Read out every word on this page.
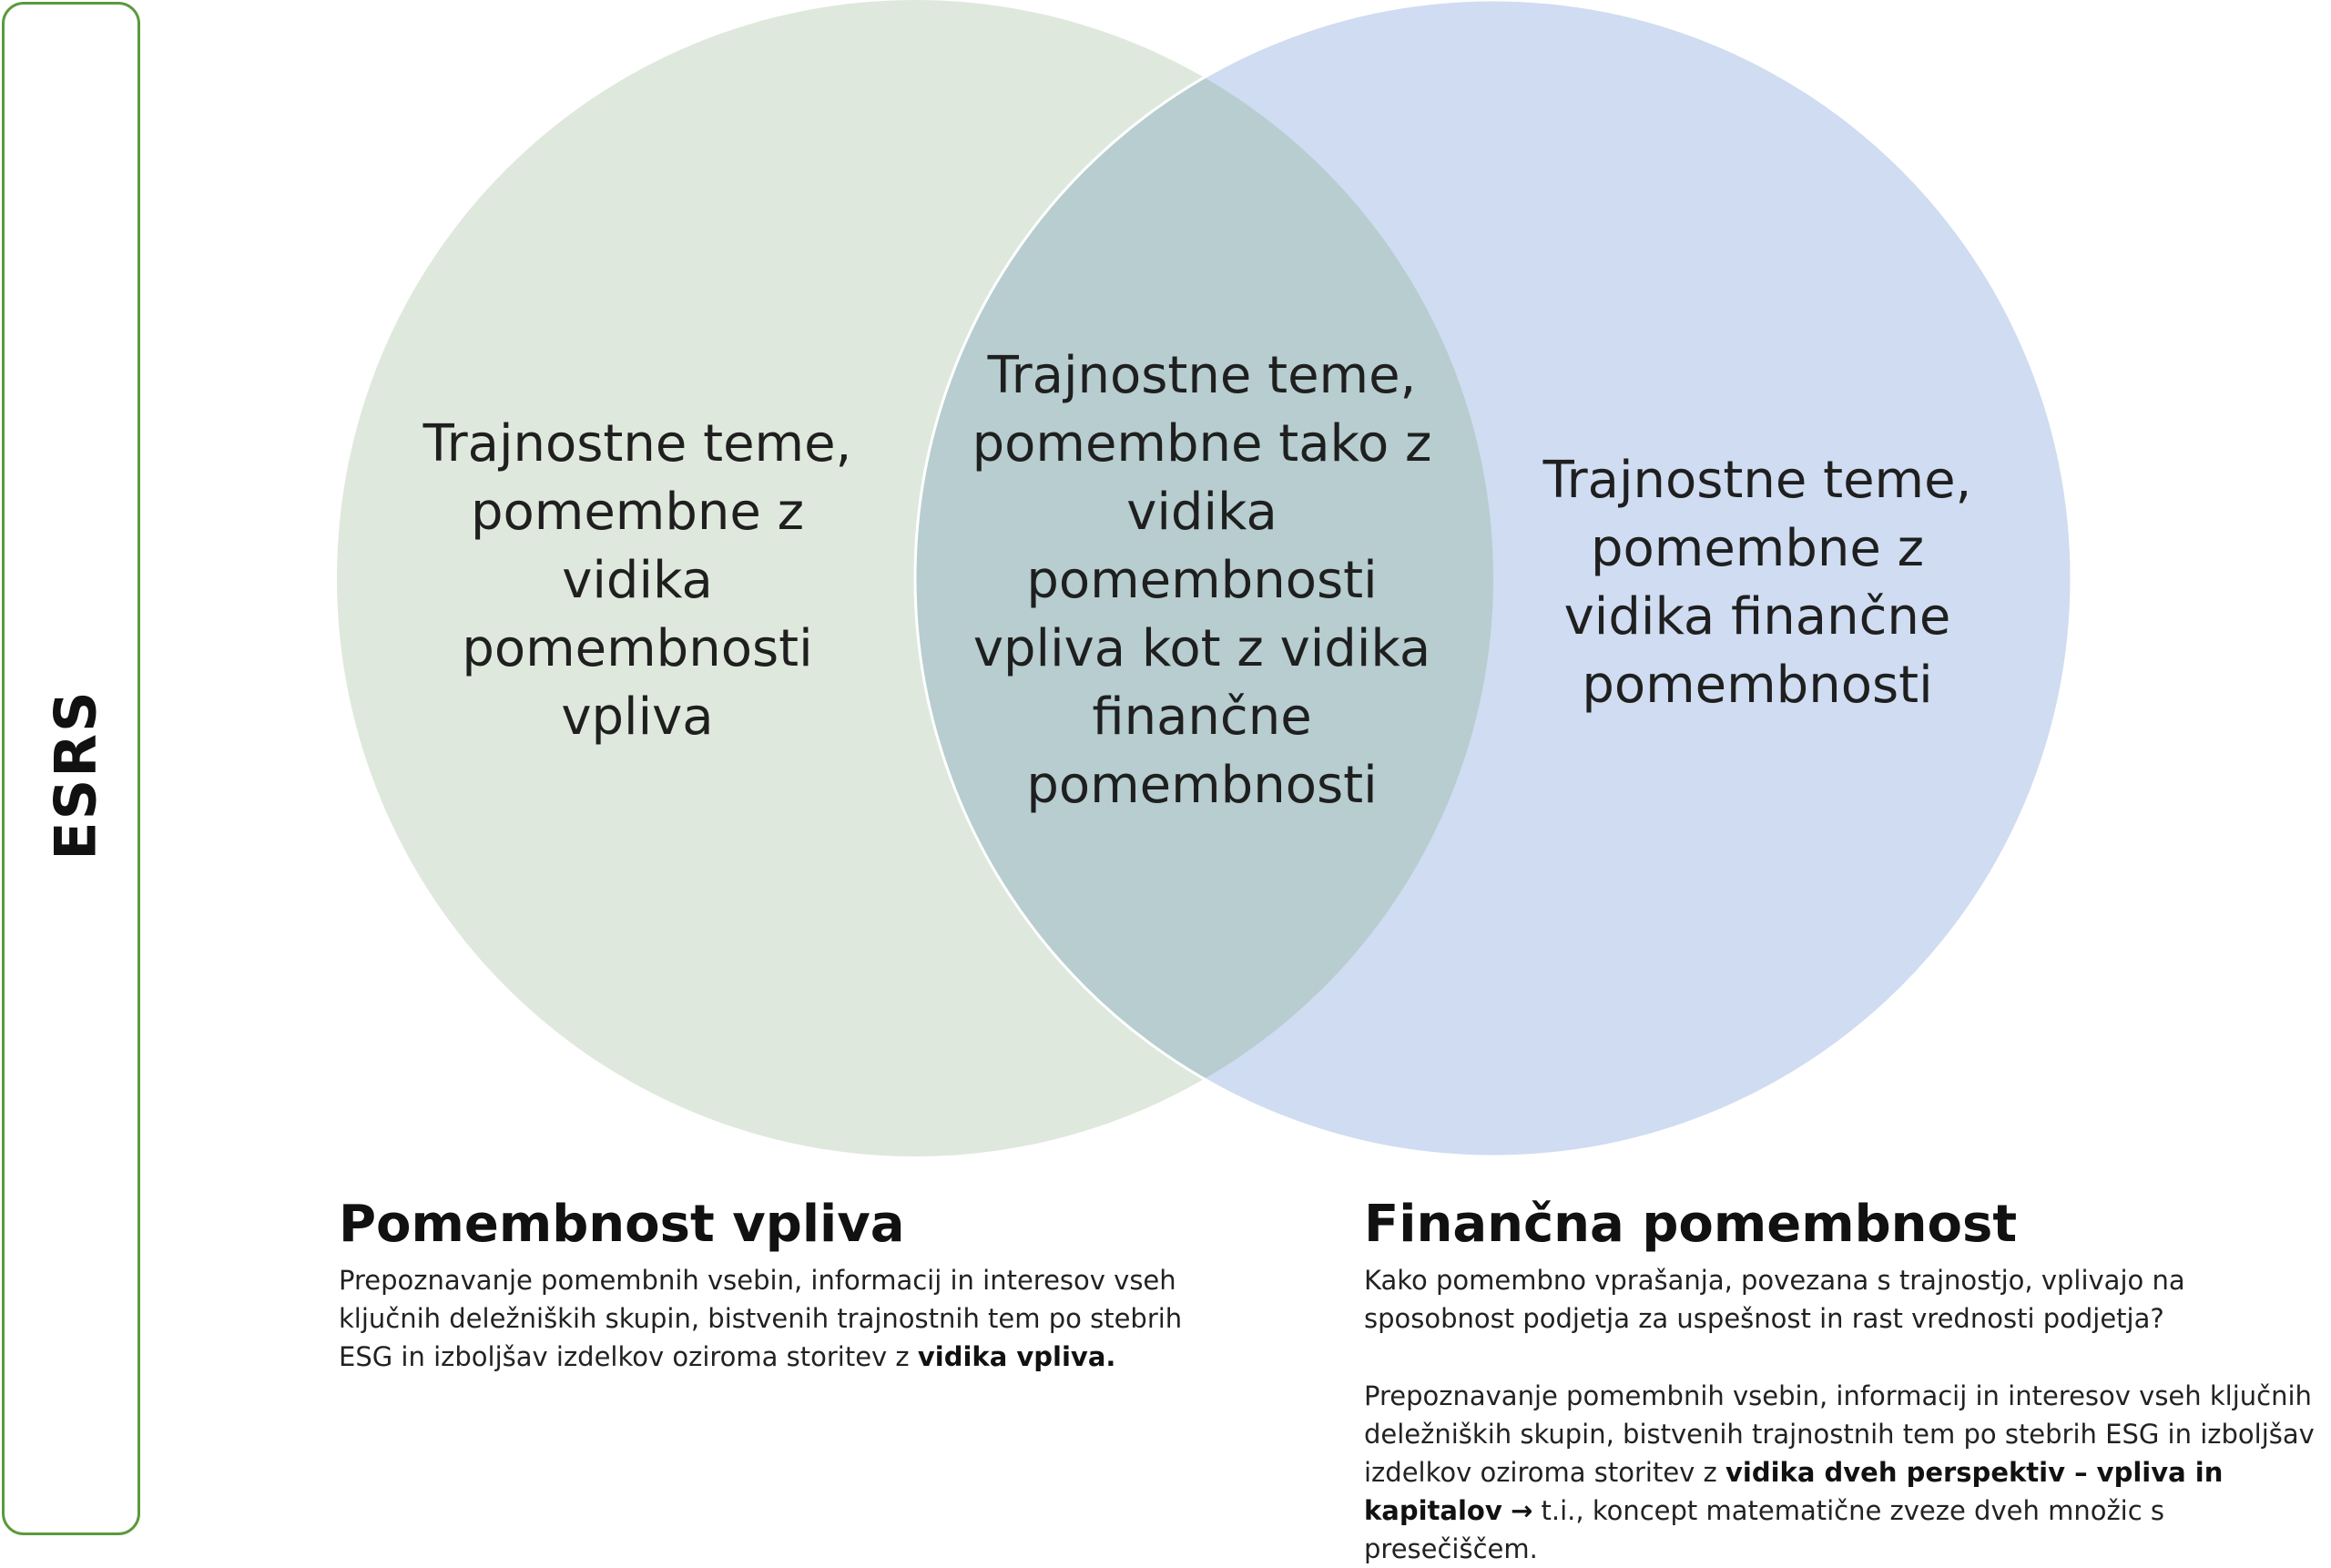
ESRS
Trajnostne teme,
pomembne z
vidika
pomembnosti
vpliva
Trajnostne teme,
pomembne tako z
vidika
pomembnosti
vpliva kot z vidika
finančne
pomembnosti
Trajnostne teme,
pomembne z
vidika finančne
pomembnosti
Pomembnost vpliva
Prepoznavanje pomembnih vsebin, informacij in interesov vseh ključnih deležniških skupin, bistvenih trajnostnih tem po stebrih ESG in izboljšav izdelkov oziroma storitev z vidika vpliva.
Finančna pomembnost
Kako pomembno vprašanja, povezana s trajnostjo, vplivajo na sposobnost podjetja za uspešnost in rast vrednosti podjetja?
Prepoznavanje pomembnih vsebin, informacij in interesov vseh ključnih deležniških skupin, bistvenih trajnostnih tem po stebrih ESG in izboljšav izdelkov oziroma storitev z vidika dveh perspektiv – vpliva in kapitalov → t.i., koncept matematične zveze dveh množic s presečiščem.
